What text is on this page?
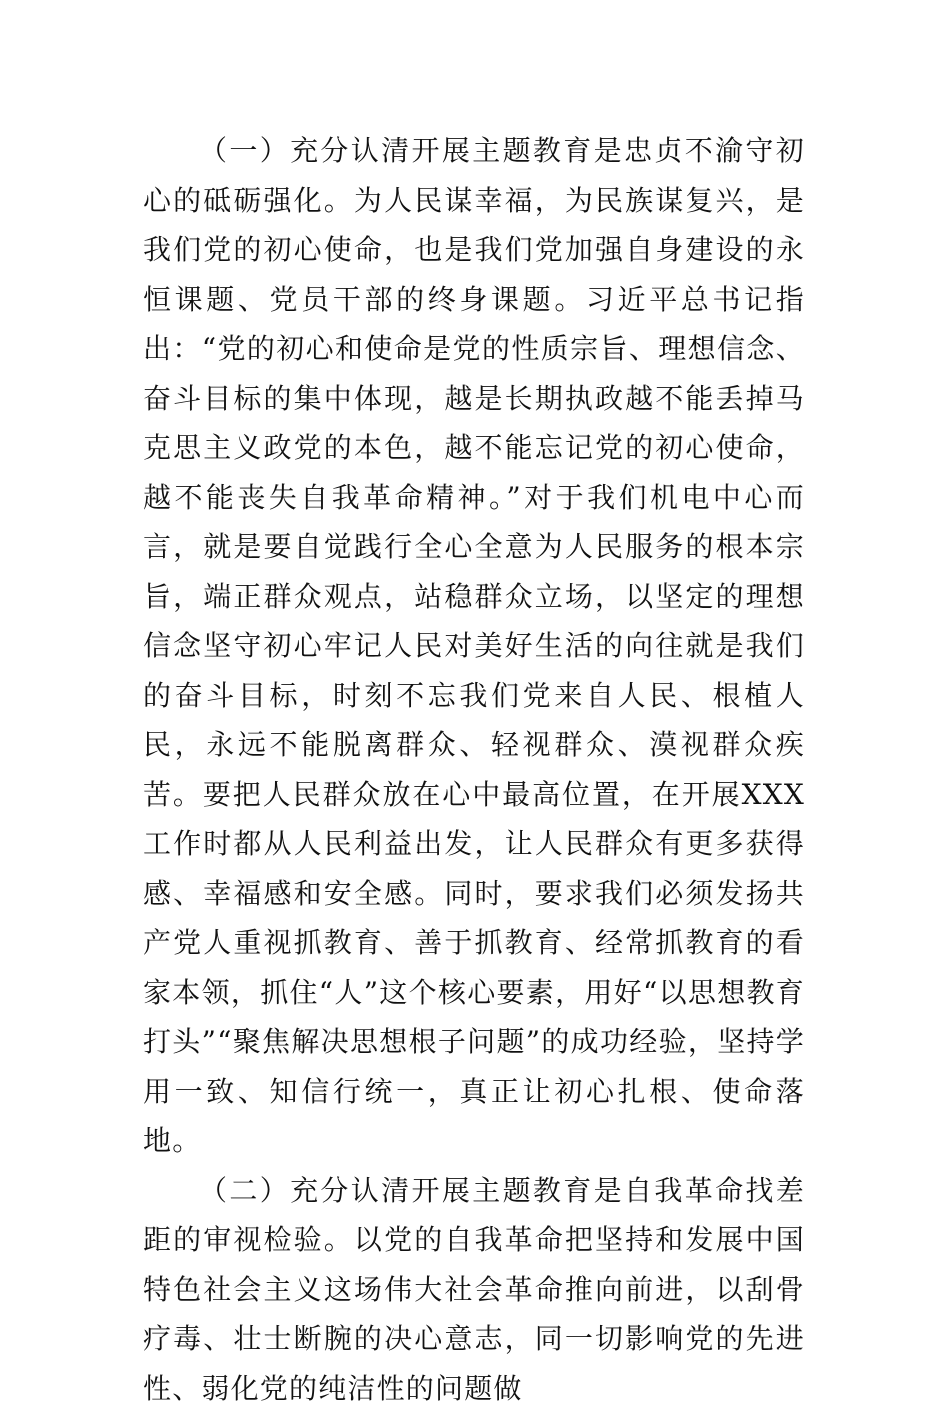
（一）充分认清开展主题教育是忠贞不渝守初心的砥砺强化。为人民谋幸福，为民族谋复兴，是我们党的初心使命，也是我们党加强自身建设的永恒课题、党员干部的终身课题。习近平总书记指出：“党的初心和使命是党的性质宗旨、理想信念、奋斗目标的集中体现，越是长期执政越不能丢掉马克思主义政党的本色，越不能忘记党的初心使命，越不能丧失自我革命精神。”对于我们机电中心而言，就是要自觉践行全心全意为人民服务的根本宗旨，端正群众观点，站稳群众立场，以坚定的理想信念坚守初心牢记人民对美好生活的向往就是我们的奋斗目标，时刻不忘我们党来自人民、根植人民，永远不能脱离群众、轻视群众、漠视群众疾苦。要把人民群众放在心中最高位置，在开展XXX工作时都从人民利益出发，让人民群众有更多获得感、幸福感和安全感。同时，要求我们必须发扬共产党人重视抓教育、善于抓教育、经常抓教育的看家本领，抓住“人”这个核心要素，用好“以思想教育打头”“聚焦解决思想根子问题”的成功经验，坚持学用一致、知信行统一，真正让初心扎根、使命落地。

（二）充分认清开展主题教育是自我革命找差距的审视检验。以党的自我革命把坚持和发展中国特色社会主义这场伟大社会革命推向前进，以刮骨疗毒、壮士断腕的决心意志，同一切影响党的先进性、弱化党的纯洁性的问题做
